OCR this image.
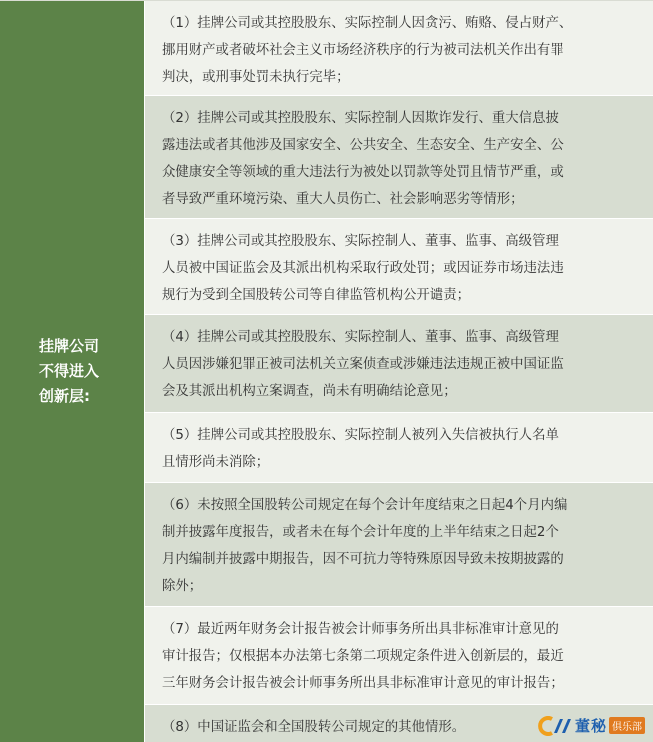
挂牌公司
不得进入
创新层:
（1）挂牌公司或其控股股东、实际控制人因贪污、贿赂、侵占财产、
挪用财产或者破坏社会主义市场经济秩序的行为被司法机关作出有罪
判决，或刑事处罚未执行完毕；
（2）挂牌公司或其控股股东、实际控制人因欺诈发行、重大信息披
露违法或者其他涉及国家安全、公共安全、生态安全、生产安全、公
众健康安全等领域的重大违法行为被处以罚款等处罚且情节严重，或
者导致严重环境污染、重大人员伤亡、社会影响恶劣等情形；
（3）挂牌公司或其控股股东、实际控制人、董事、监事、高级管理
人员被中国证监会及其派出机构采取行政处罚；或因证券市场违法违
规行为受到全国股转公司等自律监管机构公开谴责；
（4）挂牌公司或其控股股东、实际控制人、董事、监事、高级管理
人员因涉嫌犯罪正被司法机关立案侦查或涉嫌违法违规正被中国证监
会及其派出机构立案调查，尚未有明确结论意见；
（5）挂牌公司或其控股股东、实际控制人被列入失信被执行人名单
且情形尚未消除；
（6）未按照全国股转公司规定在每个会计年度结束之日起4个月内编
制并披露年度报告，或者未在每个会计年度的上半年结束之日起2个
月内编制并披露中期报告，因不可抗力等特殊原因导致未按期披露的
除外；
（7）最近两年财务会计报告被会计师事务所出具非标准审计意见的
审计报告；仅根据本办法第七条第二项规定条件进入创新层的，最近
三年财务会计报告被会计师事务所出具非标准审计意见的审计报告；
（8）中国证监会和全国股转公司规定的其他情形。	董秘 俱乐部
